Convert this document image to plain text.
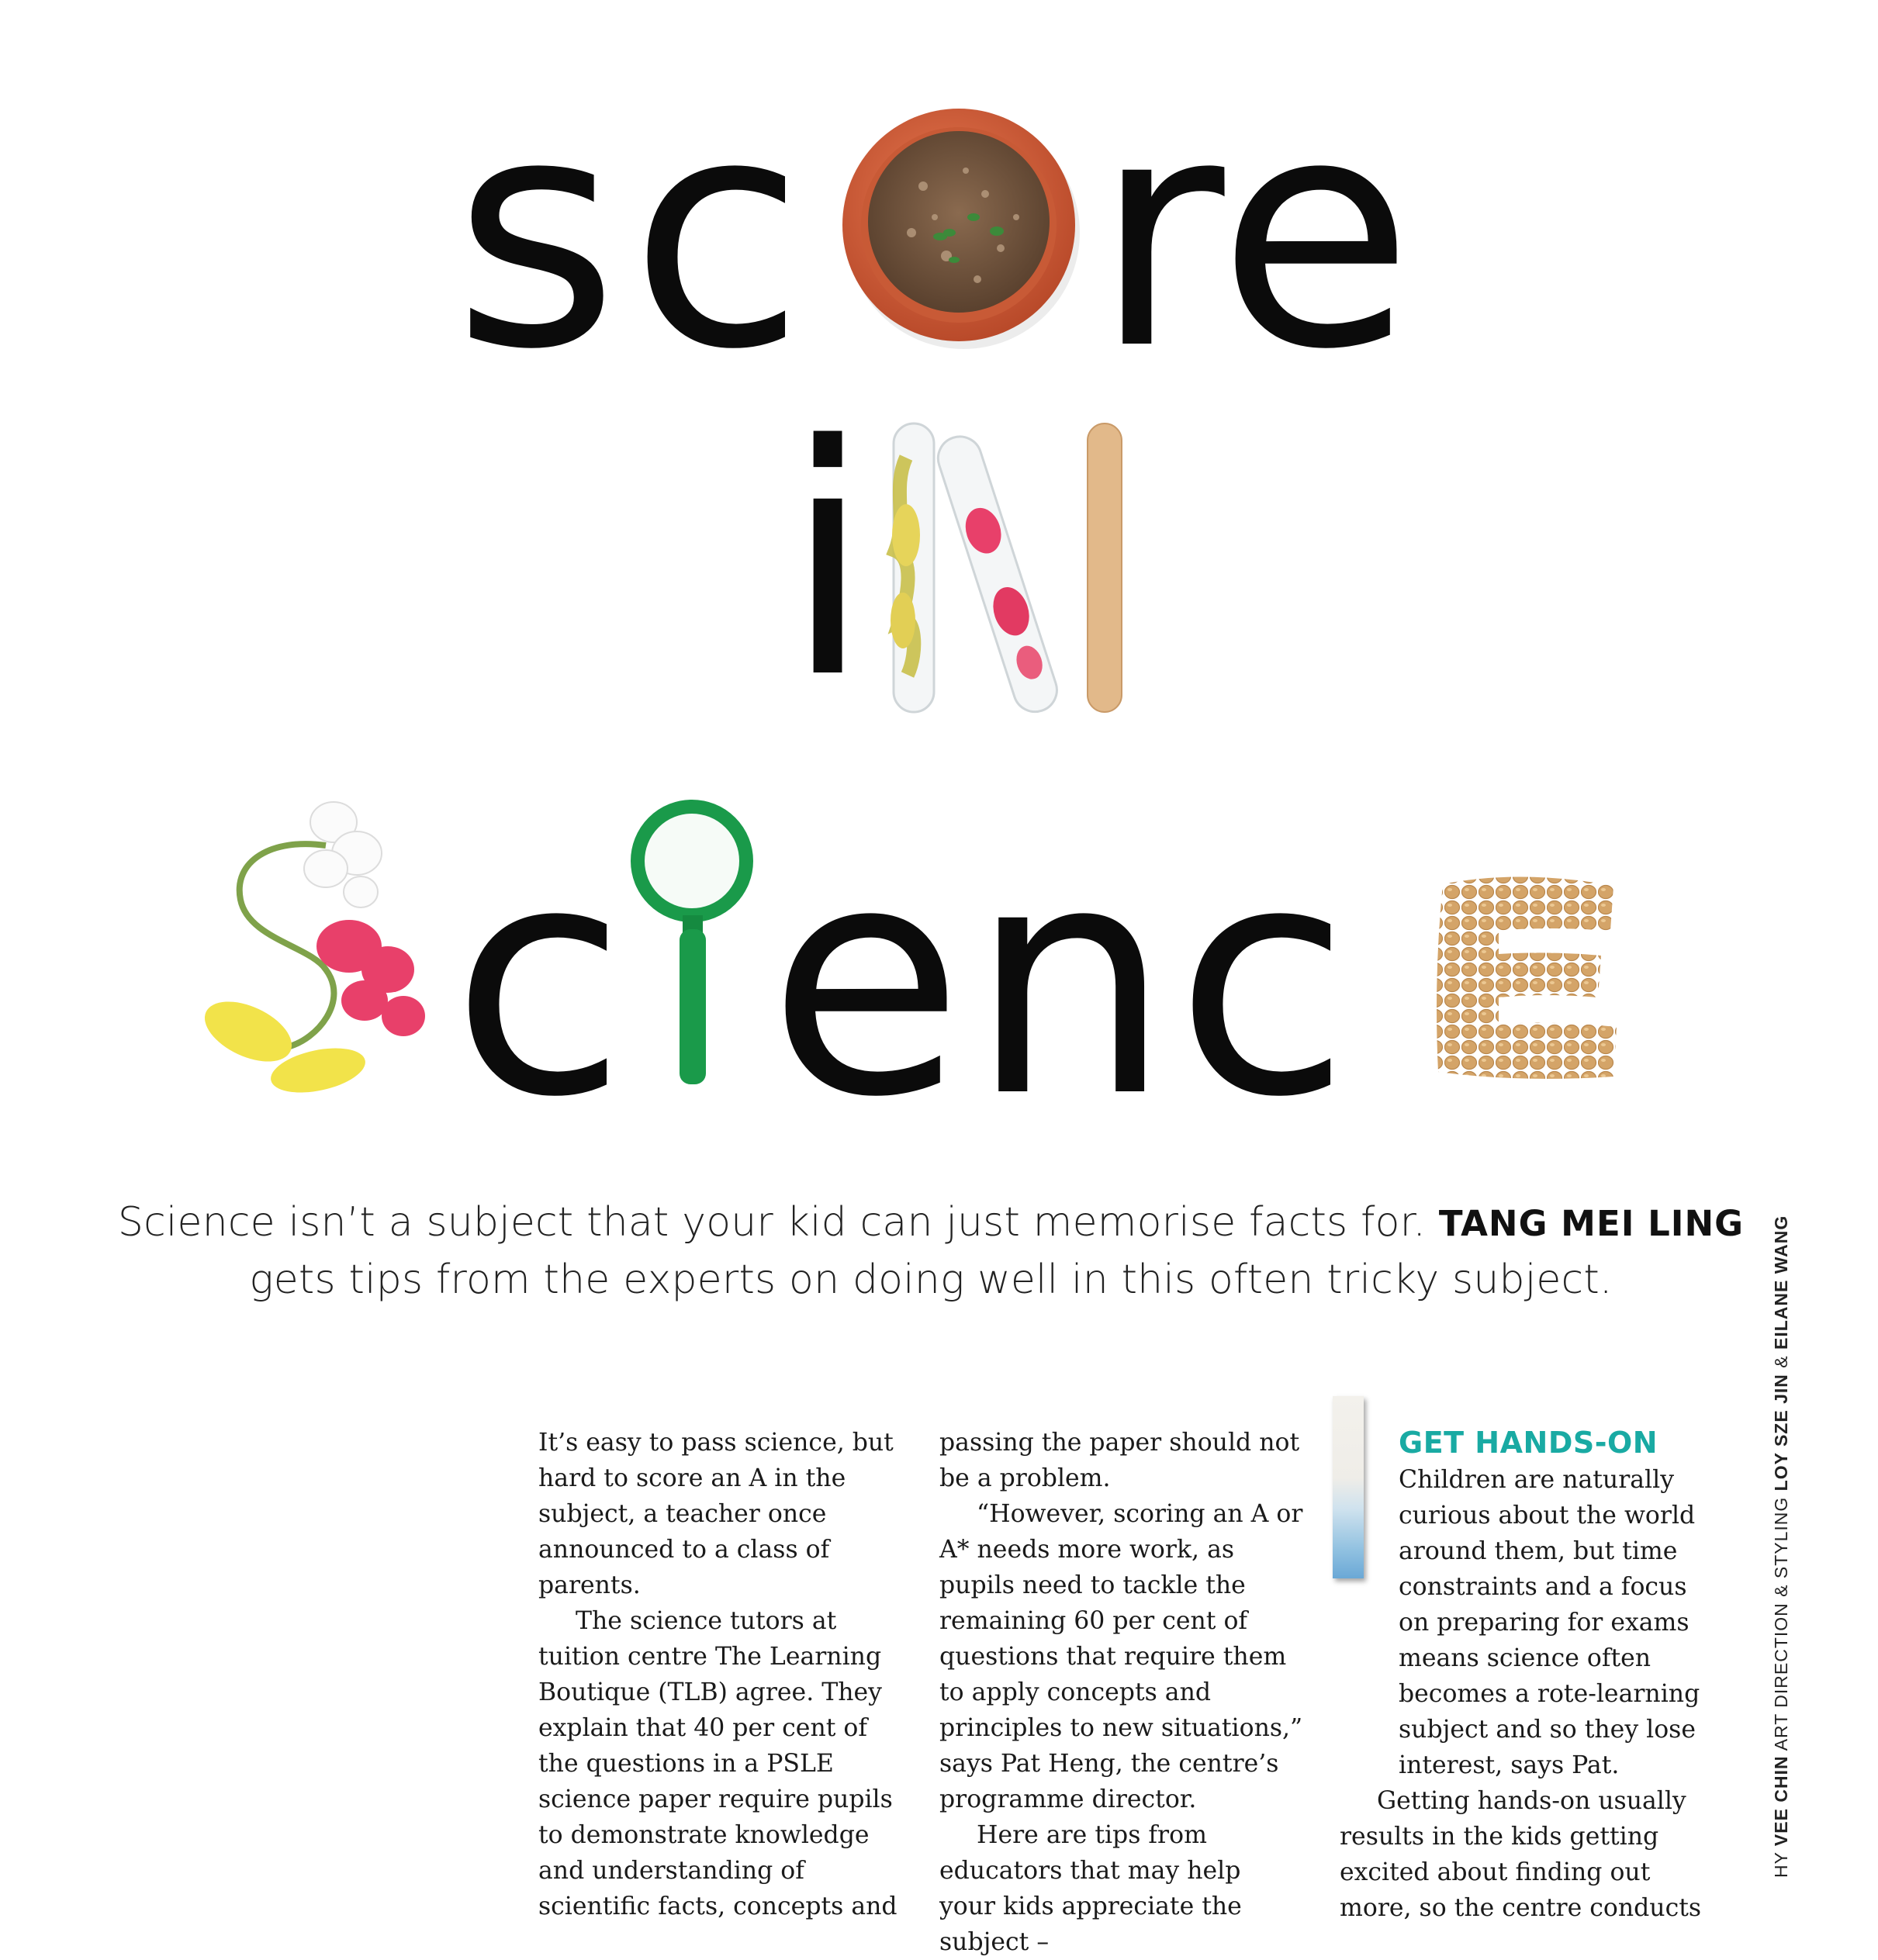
s c r
e
i
c e n c
Science isn’t a subject that your kid can just memorise facts for. TANG MEI LING
gets tips from the experts on doing well in this often tricky subject.

It’s easy to pass science, but hard to score an A in the subject, a teacher once announced to a class of parents.

The science tutors at tuition centre The Learning Boutique (TLB) agree. They explain that 40 per cent of the questions in a PSLE science paper require pupils to demonstrate knowledge and understanding of scientific facts, concepts and

passing the paper should not be a problem.

“However, scoring an A or A* needs more work, as pupils need to tackle the remaining 60 per cent of questions that require them to apply concepts and principles to new situations,” says Pat Heng, the centre’s programme director.

Here are tips from educators that may help your kids appreciate the subject –

GET HANDS-ON

Children are naturally curious about the world around them, but time constraints and a focus on preparing for exams means science often becomes a rote-learning subject and so they lose interest, says Pat.

Getting hands-on usually results in the kids getting excited about finding out more, so the centre conducts

HY VEE CHIN ART DIRECTION & STYLING LOY SZE JIN & EILANE WANG
